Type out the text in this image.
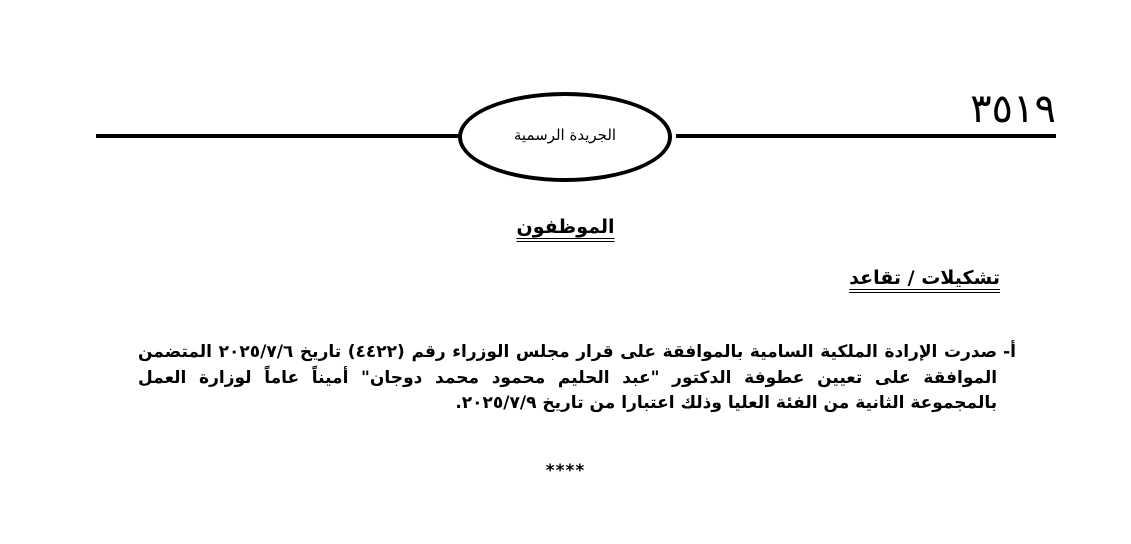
٣٥١٩
الجريدة الرسمية
الموظفون
تشكيلات / تقاعد
أ-
صدرت الإرادة الملكية السامية بالموافقة على قرار مجلس الوزراء رقم (٤٤٢٢) تاريخ ٢٠٢٥/٧/٦ المتضمن الموافقة على تعيين عطوفة الدكتور "عبد الحليم محمود محمد دوجان" أميناً عاماً لوزارة العمل بالمجموعة الثانية من الفئة العليا وذلك اعتبارا من تاريخ ٢٠٢٥/٧/٩.
****
